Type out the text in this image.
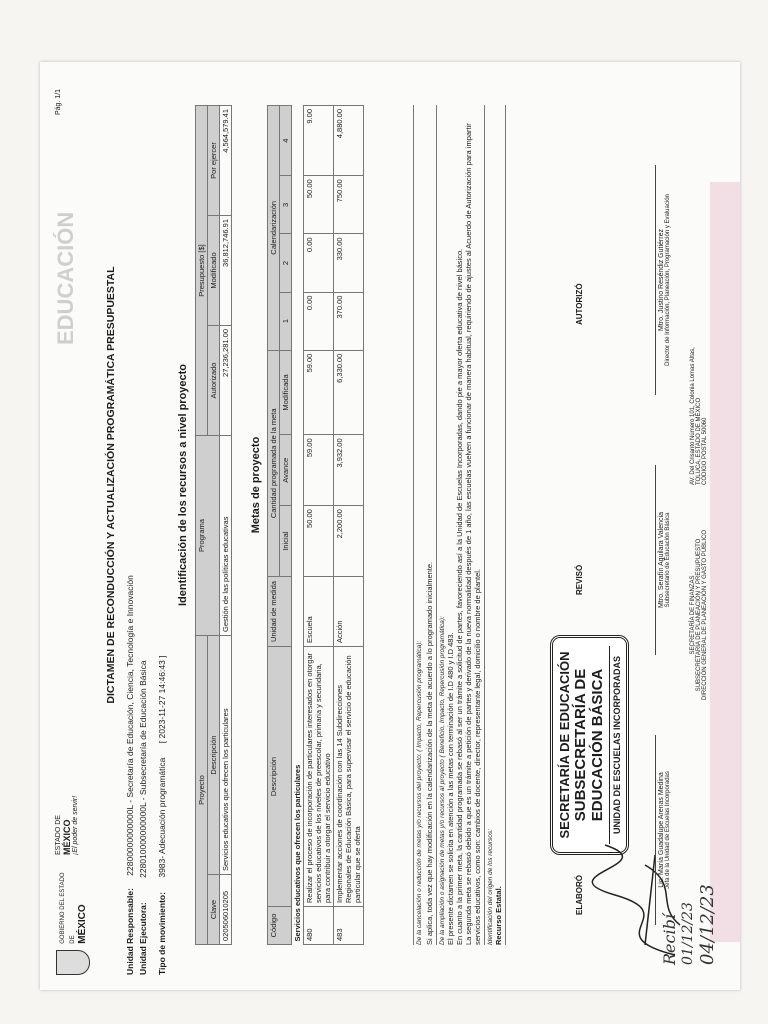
GOBIERNO DEL ESTADO DE MÉXICO
ESTADO DE MÉXICO ¡El poder de servir!
EDUCACIÓN
Pág. 1/1
DICTAMEN DE RECONDUCCIÓN Y ACTUALIZACIÓN PROGRAMÁTICA PRESUPUESTAL
Unidad Responsable: 22800000000000L - Secretaría de Educación, Ciencia, Tecnología e Innovación
Unidad Ejecutora: 228010000000000L - Subsecretaría de Educación Básica
Tipo de movimiento: 3983- Adecuación programática [ 2023-11-27 14:46:43 ]
Identificación de los recursos a nivel proyecto
Proyecto		Programa	Presupuesto [$]		
Clave	Descripción		Autorizado	Modificado	Por ejercer
020506010205	Servicios educativos que ofrecen los particulares	Gestión de las políticas educativas	27,236,281.00	36,812,746.91	4,564,579.41
Metas de proyecto
Código	Descripción	Unidad de medida	Cantidad programada de la meta			Calendarización			
			Inicial	Avance	Modificada	1	2	3	4
Servicios educativos que ofrecen los particulares									
480	Realizar el proceso de incorporación de particulares interesados en otorgar servicios educativos de los niveles de preescolar, primaria y secundaria, para contribuir a otorgar el servicio educativo	Escuela	50.00	59.00	59.00	0.00	0.00	50.00	9.00
483	Implementar acciones de coordinación con las 14 Subdirecciones Regionales de Educación Básica, para supervisar el servicio de educación particular que se oferta	Acción	2,200.00	3,932.00	6,330.00	370.00	330.00	750.00	4,880.00
De la cancelación o reducción de metas y/o recursos del proyecto: ( Impacto, Repercusión programática): Si aplica, toda vez que hay modificación en la calendarización de la meta de acuerdo a lo programado inicialmente. De la ampliación o asignación de metas y/o recursos al proyecto ( Beneficio, Impacto, Repercusión programática): El presente dictamen se solicita en atención a las metas con terminación de I.D 480 y I.D 483. En cuanto a la primer meta, la cantidad programada se rebasó al ser un trámite a solicitud de partes, favoreciendo así a la Unidad de Escuelas Incorporadas, dando pie a mayor oferta educativa de nivel básico. La segunda meta se rebasó debido a que es un trámite a petición de partes y derivado de la nueva normalidad después de 1 año, las escuelas vuelven a funcionar de manera habitual, requiriendo de ajustes al Acuerdo de Autorización para impartir servicios educativos, como son: cambios de docente, director, representante legal, domicilio o nombre de plantel. Identificación del origen de los recursos: Recurso Estatal.	ELABORÓ
REVISÓ
AUTORIZÓ
SECRETARÍA DE EDUCACIÓN SUBSECRETARÍA DE EDUCACIÓN BÁSICA UNIDAD DE ESCUELAS INCORPORADAS	Lic. María Guadalupe Arenas Medina Jefa de la Unidad de Escuelas Incorporadas
Mtro. Serafín Aguilara Valencia Subsecretario de Educación Básica
Mtro. Justino Reséndiz Gutiérrez Director de Información, Planeación, Programación y Evaluación
Recibí 01/12/23 04/12/23
SECRETARÍA DE FINANZAS SUBSECRETARÍA DE PLANEACIÓN Y PRESUPUESTO DIRECCIÓN GENERAL DE PLANEACIÓN Y GASTO PÚBLICO
AV. Del Crisanto Número 101, Colonia Lomas Altas, TOLUCA, ESTADO DE MÉXICO CÓDIGO POSTAL 50060
